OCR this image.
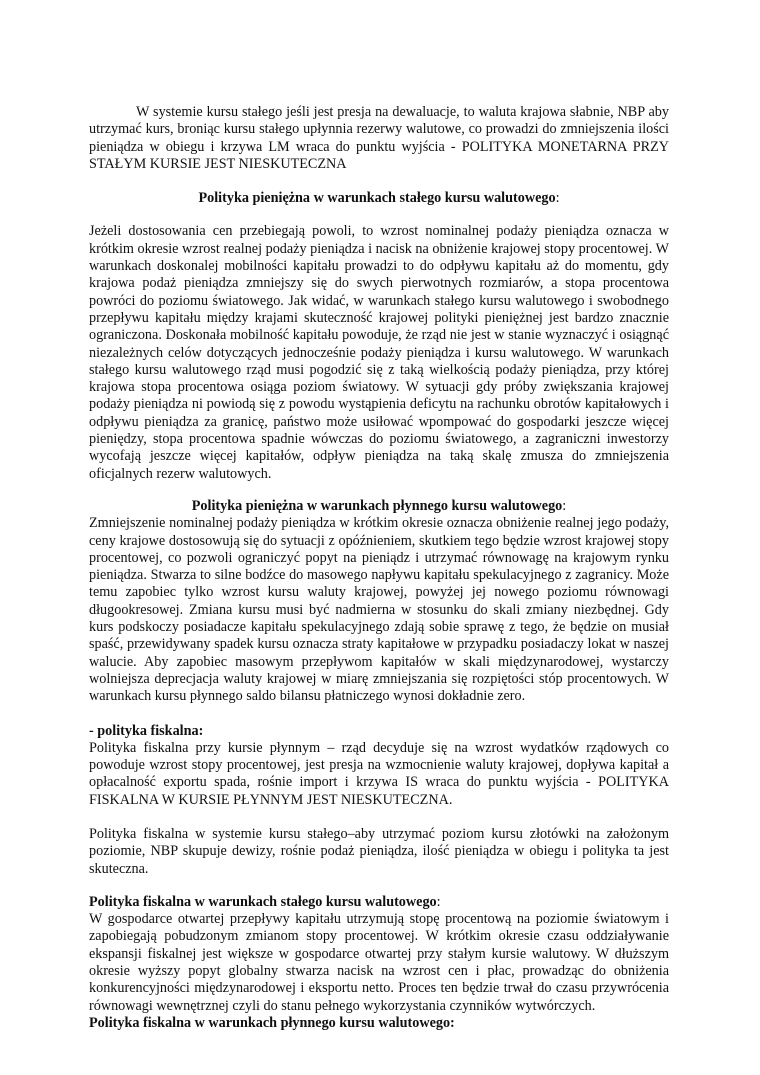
W systemie kursu stałego jeśli jest presja na dewaluacje, to waluta krajowa słabnie, NBP aby utrzymać kurs, broniąc kursu stałego upłynnia rezerwy walutowe, co prowadzi do zmniejszenia ilości pieniądza w obiegu i krzywa LM wraca do punktu wyjścia - POLITYKA MONETARNA PRZY STAŁYM KURSIE JEST NIESKUTECZNA

Polityka pieniężna w warunkach stałego kursu walutowego:

Jeżeli dostosowania cen przebiegają powoli, to wzrost nominalnej podaży pieniądza oznacza w krótkim okresie wzrost realnej podaży pieniądza i nacisk na obniżenie krajowej stopy procentowej. W warunkach doskonalej mobilności kapitału prowadzi to do odpływu kapitału aż do momentu, gdy krajowa podaż pieniądza zmniejszy się do swych pierwotnych rozmiarów, a stopa procentowa powróci do poziomu światowego. Jak widać, w warunkach stałego kursu walutowego i swobodnego przepływu kapitału między krajami skuteczność krajowej polityki pieniężnej jest bardzo znacznie ograniczona. Doskonała mobilność kapitału powoduje, że rząd nie jest w stanie wyznaczyć i osiągnąć niezależnych celów dotyczących jednocześnie podaży pieniądza i kursu walutowego. W warunkach stałego kursu walutowego rząd musi pogodzić się z taką wielkością podaży pieniądza, przy której krajowa stopa procentowa osiąga poziom światowy. W sytuacji gdy próby zwiększania krajowej podaży pieniądza ni powiodą się z powodu wystąpienia deficytu na rachunku obrotów kapitałowych i odpływu pieniądza za granicę, państwo może usiłować wpompować do gospodarki jeszcze więcej pieniędzy, stopa procentowa spadnie wówczas do poziomu światowego, a zagraniczni inwestorzy wycofają jeszcze więcej kapitałów, odpływ pieniądza na taką skalę zmusza do zmniejszenia oficjalnych rezerw walutowych.

Polityka pieniężna w warunkach płynnego kursu walutowego:

Zmniejszenie nominalnej podaży pieniądza w krótkim okresie oznacza obniżenie realnej jego podaży, ceny krajowe dostosowują się do sytuacji z opóźnieniem, skutkiem tego będzie wzrost krajowej stopy procentowej, co pozwoli ograniczyć popyt na pieniądz i utrzymać równowagę na krajowym rynku pieniądza. Stwarza to silne bodźce do masowego napływu kapitału spekulacyjnego z zagranicy. Może temu zapobiec tylko wzrost kursu waluty krajowej, powyżej jej nowego poziomu równowagi długookresowej. Zmiana kursu musi być nadmierna w stosunku do skali zmiany niezbędnej. Gdy kurs podskoczy posiadacze kapitału spekulacyjnego zdają sobie sprawę z tego, że będzie on musiał spaść, przewidywany spadek kursu oznacza straty kapitałowe w przypadku posiadaczy lokat w naszej walucie. Aby zapobiec masowym przepływom kapitałów w skali międzynarodowej, wystarczy wolniejsza deprecjacja waluty krajowej w miarę zmniejszania się rozpiętości stóp procentowych. W warunkach kursu płynnego saldo bilansu płatniczego wynosi dokładnie zero.

- polityka fiskalna:

Polityka fiskalna przy kursie płynnym – rząd decyduje się na wzrost wydatków rządowych co powoduje wzrost stopy procentowej, jest presja na wzmocnienie waluty krajowej, dopływa kapitał a opłacalność exportu spada, rośnie import i krzywa IS wraca do punktu wyjścia - POLITYKA FISKALNA W KURSIE PŁYNNYM JEST NIESKUTECZNA.

Polityka fiskalna w systemie kursu stałego–aby utrzymać poziom kursu złotówki na założonym poziomie, NBP skupuje dewizy, rośnie podaż pieniądza, ilość pieniądza w obiegu i polityka ta jest skuteczna.

Polityka fiskalna w warunkach stałego kursu walutowego:

W gospodarce otwartej przepływy kapitału utrzymują stopę procentową na poziomie światowym i zapobiegają pobudzonym zmianom stopy procentowej. W krótkim okresie czasu oddziaływanie ekspansji fiskalnej jest większe w gospodarce otwartej przy stałym kursie walutowy. W dłuższym okresie wyższy popyt globalny stwarza nacisk na wzrost cen i płac, prowadząc do obniżenia konkurencyjności międzynarodowej i eksportu netto. Proces ten będzie trwał do czasu przywrócenia równowagi wewnętrznej czyli do stanu pełnego wykorzystania czynników wytwórczych.

Polityka fiskalna w warunkach płynnego kursu walutowego:
